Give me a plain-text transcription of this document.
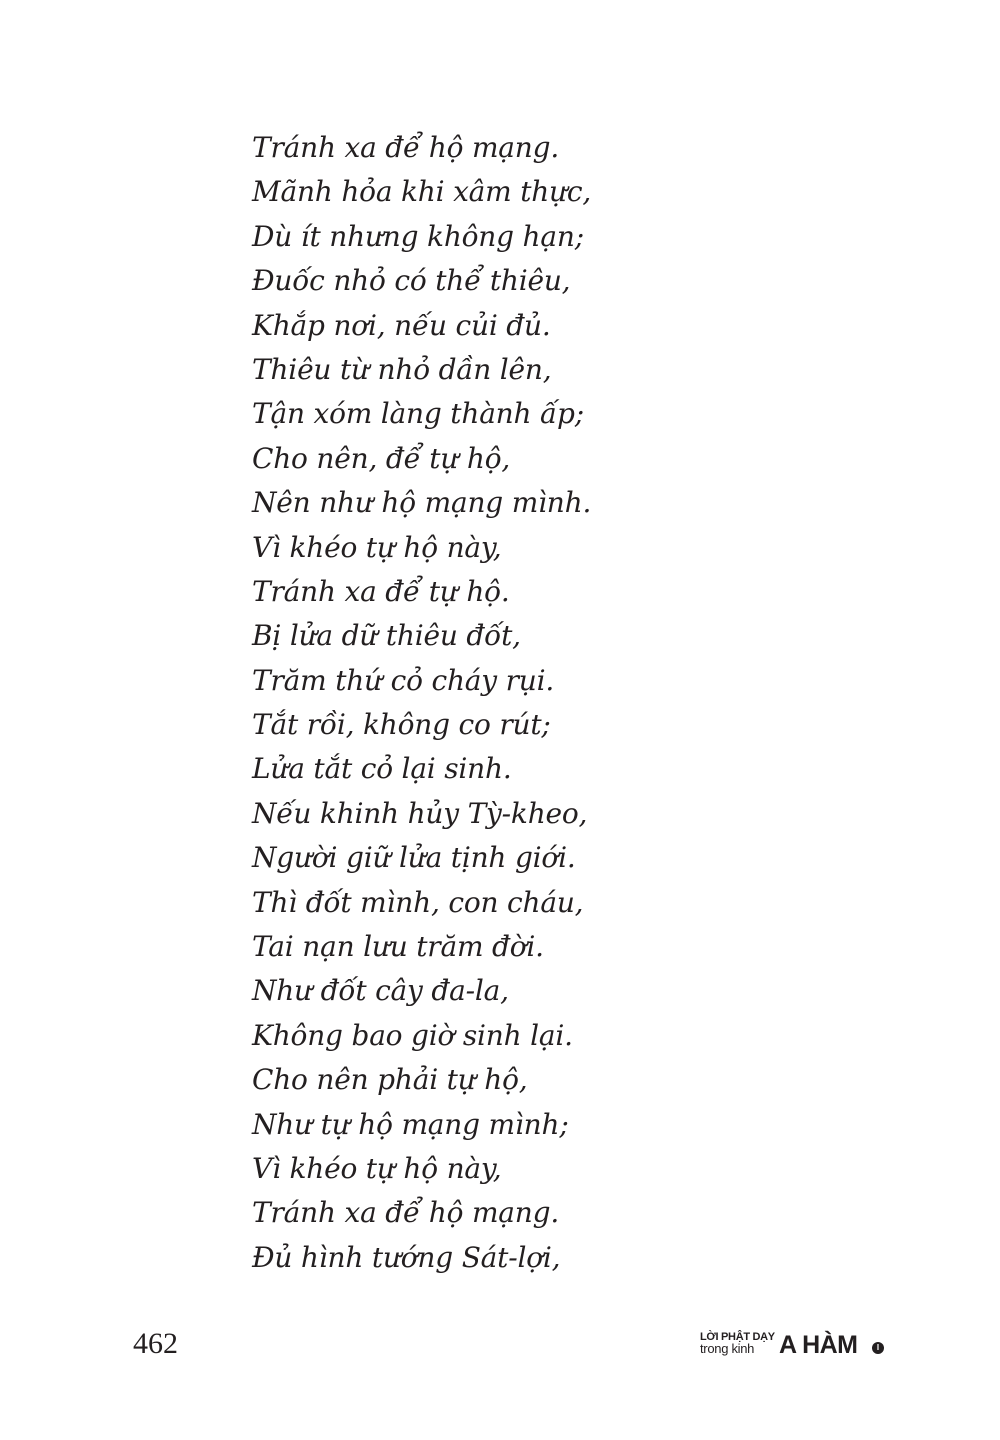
Tránh xa để hộ mạng.
Mãnh hỏa khi xâm thực,
Dù ít nhưng không hạn;
Đuốc nhỏ có thể thiêu,
Khắp nơi, nếu củi đủ.
Thiêu từ nhỏ dần lên,
Tận xóm làng thành ấp;
Cho nên, để tự hộ,
Nên như hộ mạng mình.
Vì khéo tự hộ này,
Tránh xa để tự hộ.
Bị lửa dữ thiêu đốt,
Trăm thứ cỏ cháy rụi.
Tắt rồi, không co rút;
Lửa tắt cỏ lại sinh.
Nếu khinh hủy Tỳ-kheo,
Người giữ lửa tịnh giới.
Thì đốt mình, con cháu,
Tai nạn lưu trăm đời.
Như đốt cây đa-la,
Không bao giờ sinh lại.
Cho nên phải tự hộ,
Như tự hộ mạng mình;
Vì khéo tự hộ này,
Tránh xa để hộ mạng.
Đủ hình tướng Sát-lợi,
462	LỜI PHẬT DẠY
trong kinh A HÀM	I
